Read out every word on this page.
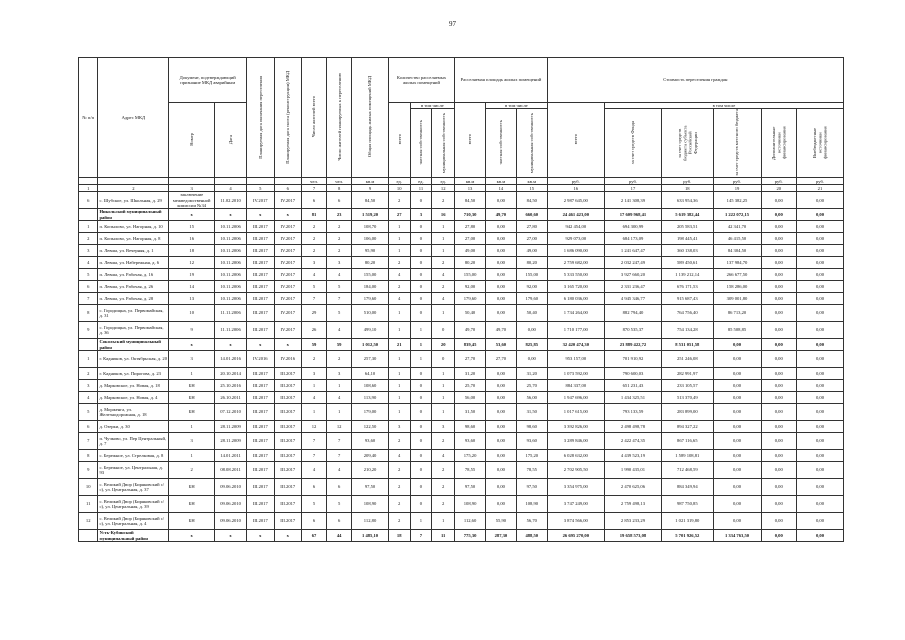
97
№ п/п	Адрес МКД	Документ, подтверждающий признание МКД аварийным		Планируемая дата окончания переселения	Планируемая дата сноса (реконструкции) МКД	Число жителей всего	Число жителей планируемых к переселению	Общая площадь жилых помещений МКД	Количество расселяемых жилых помещений			Расселяемая площадь жилых помещений			Стоимость переселения граждан					
		Номер	Дата						всего	в том числе		всего	в том числе		всего	в том числе				
										частная собственность	муниципальная собственность		частная собственность	муниципальная собственность		за счет средств Фонда	за счет средств бюджета субъекта Российской Федерации	за счет средств местного бюджета	Дополнительные источники финансирования	Внебюджетные источники финансирования
						чел.	чел.	кв.м	ед.	ед.	ед.	кв.м	кв.м	кв.м	руб.	руб.	руб.	руб.	руб.	руб.
1	2	3	4	5	6	7	8	9	10	11	12	13	14	15	16	17	18	19	20	21
6	с. Шубское, ул. Школьная, д. 29	заключение межведомственной комиссии №34	11.02.2010	IV.2017	IV.2017	6	6	84,50	2	0	2	84,50	0,00	84,50	2 987 645,00	2 141 308,39	633 954,36	145 382,25	0,00	0,00
	Никольский муниципальный район	х	х	х	х	81	23	1 519,20	27	3	16	710,30	49,70	660,60	24 461 423,00	17 609 968,41	5 619 382,44	1 222 072,15	0,00	0,00
1	п. Копылово, ул. Нагорная, д. 10	15	10.11.2006	III.2017	IV.2017	2	2	108,70	1	0	1	27,80	0,00	27,80	942 454,00	694 300,99	205 583,51	42 341,70	0,00	0,00
2	п. Копылово, ул. Нагорная, д. 8	16	10.11.2006	III.2017	IV.2017	2	2	106,00	1	0	1	27,00	0,00	27,00	929 073,00	684 173,09	198 445,41	46 415,50	0,00	0,00
3	п. Левша, ул. Вечерняя, д. 1	18	10.11.2006	III.2017	IV.2017	2	2	95,90	1	0	1	49,00	0,00	49,00	1 686 090,00	1 241 647,47	360 138,03	84 304,50	0,00	0,00
4	п. Левша, ул. Набережная, д. 6	12	10.11.2006	III.2017	IV.2017	3	3	80,20	2	0	2	80,20	0,00	80,20	2 759 682,00	2 032 247,49	589 450,61	137 984,70	0,00	0,00
5	п. Левша, ул. Рабочая, д. 16	19	10.11.2006	III.2017	IV.2017	4	4	155,00	4	0	4	155,00	0,00	155,00	5 333 550,00	3 927 660,20	1 139 212,14	266 677,50	0,00	0,00
6	п. Левша, ул. Рабочая, д. 26	14	10.11.2006	III.2017	IV.2017	5	5	184,00	2	0	2	92,00	0,00	92,00	3 165 720,00	2 331 236,47	676 171,53	158 286,00	0,00	0,00
7	п. Левша, ул. Рабочая, д. 28	13	10.11.2006	III.2017	IV.2017	7	7	179,60	4	0	4	179,60	0,00	179,60	6 180 036,00	4 945 346,77	915 687,43	309 001,80	0,00	0,00
8	с. Городищна, ул. Первомайская, д. 31	10	11.11.2006	III.2017	IV.2017	29	5	510,00	1	0	1	50,40	0,00	50,40	1 734 264,00	882 794,40	764 756,40	86 713,20	0,00	0,00
9	с. Городищна, ул. Первомайская, д. 36	9	11.11.2006	III.2017	IV.2017	26	4	499,10	1	1	0	49,70	49,70	0,00	1 710 177,00	870 535,37	754 134,28	85 508,85	0,00	0,00
	Сокольский муниципальный район	х	х	х	х	59	59	1 012,50	21	1	20	839,45	53,60	825,85	32 420 474,30	23 889 422,72	8 531 051,58	0,00	0,00	0,00
1	г. Кадников, ул. Октябрьская, д. 20	3	14.01.2016	IV.2016	IV.2016	2	2	257,30	1	1	0	27,70	27,70	0,00	953 157,00	701 910,92	251 246,08	0,00	0,00	0,00
2	г. Кадников, ул. Пирогова, д. 23	1	20.10.2014	III.2017	III.2017	3	3	64,10	1	0	1	31,20	0,00	31,20	1 073 592,00	790 600,03	282 991,97	0,00	0,00	0,00
3	д. Марковское, ул. Новая, д. 18	БН	25.10.2016	III.2017	III.2017	1	1	108,60	1	0	1	25,70	0,00	25,70	884 337,00	651 231,43	233 105,57	0,00	0,00	0,00
4	д. Марковское, ул. Новая, д. 4	БН	26.10.2011	III.2017	III.2017	4	4	113,90	1	0	1	56,00	0,00	56,00	1 947 696,00	1 434 325,51	513 370,49	0,00	0,00	0,00
5	д. Морженга, ул. Железнодорожная, д. 18	БН	07.12.2010	III.2017	III.2017	1	1	179,00	1	0	1	31,50	0,00	31,50	1 017 615,00	793 133,59	283 899,00	0,00	0,00	0,00
6	д. Озерки, д. 30	1	28.11.2009	III.2017	III.2017	12	12	122,50	3	0	3	98,60	0,00	98,60	3 392 826,00	2 498 498,78	894 327,22	0,00	0,00	0,00
7	п. Чучково, ул. Пер Центральный, д. 7	3	28.11.2009	III.2017	III.2017	7	7	93,60	2	0	2	93,60	0,00	93,60	3 289 846,00	2 422 474,35	867 116,65	0,00	0,00	0,00
8	с. Бережное, ул. Стрелковая, д. 8	1	14.01.2011	III.2017	III.2017	7	7	209,40	4	0	4	175,20	0,00	175,20	6 028 632,00	4 439 523,19	1 589 108,81	0,00	0,00	0,00
9	с. Бережное, ул. Центральная, д. 93	2	08.08.2011	III.2017	III.2017	4	4	210,20	2	0	2	78,55	0,00	78,55	2 702 905,50	1 990 435,01	712 468,59	0,00	0,00	0,00
10	с. Великий Двор (Биряковский с/с), ул. Центральная, д. 37	БН	09.06.2010	III.2017	III.2017	6	6	97,50	2	0	2	97,50	0,00	97,50	3 354 975,00	2 470 625,06	884 349,94	0,00	0,00	0,00
11	с. Великий Двор (Биряковский с/с), ул. Центральная, д. 39	БН	09.06.2010	III.2017	III.2017	5	5	108,90	2	0	2	108,90	0,00	108,90	3 747 249,00	2 759 498,13	987 750,85	0,00	0,00	0,00
12	с. Великий Двор (Биряковский с/с), ул. Центральная, д. 4	БН	09.06.2010	III.2017	III.2017	6	6	112,80	2	1	1	112,60	55,90	56,70	3 874 566,00	2 853 233,29	1 021 319,80	0,00	0,00	0,00
	Усть-Кубинский муниципальный район	х	х	х	х	67	44	1 485,10	18	7	11	775,30	287,30	488,50	26 695 270,00	19 658 573,08	5 701 926,52	1 334 763,50	0,00	0,00
